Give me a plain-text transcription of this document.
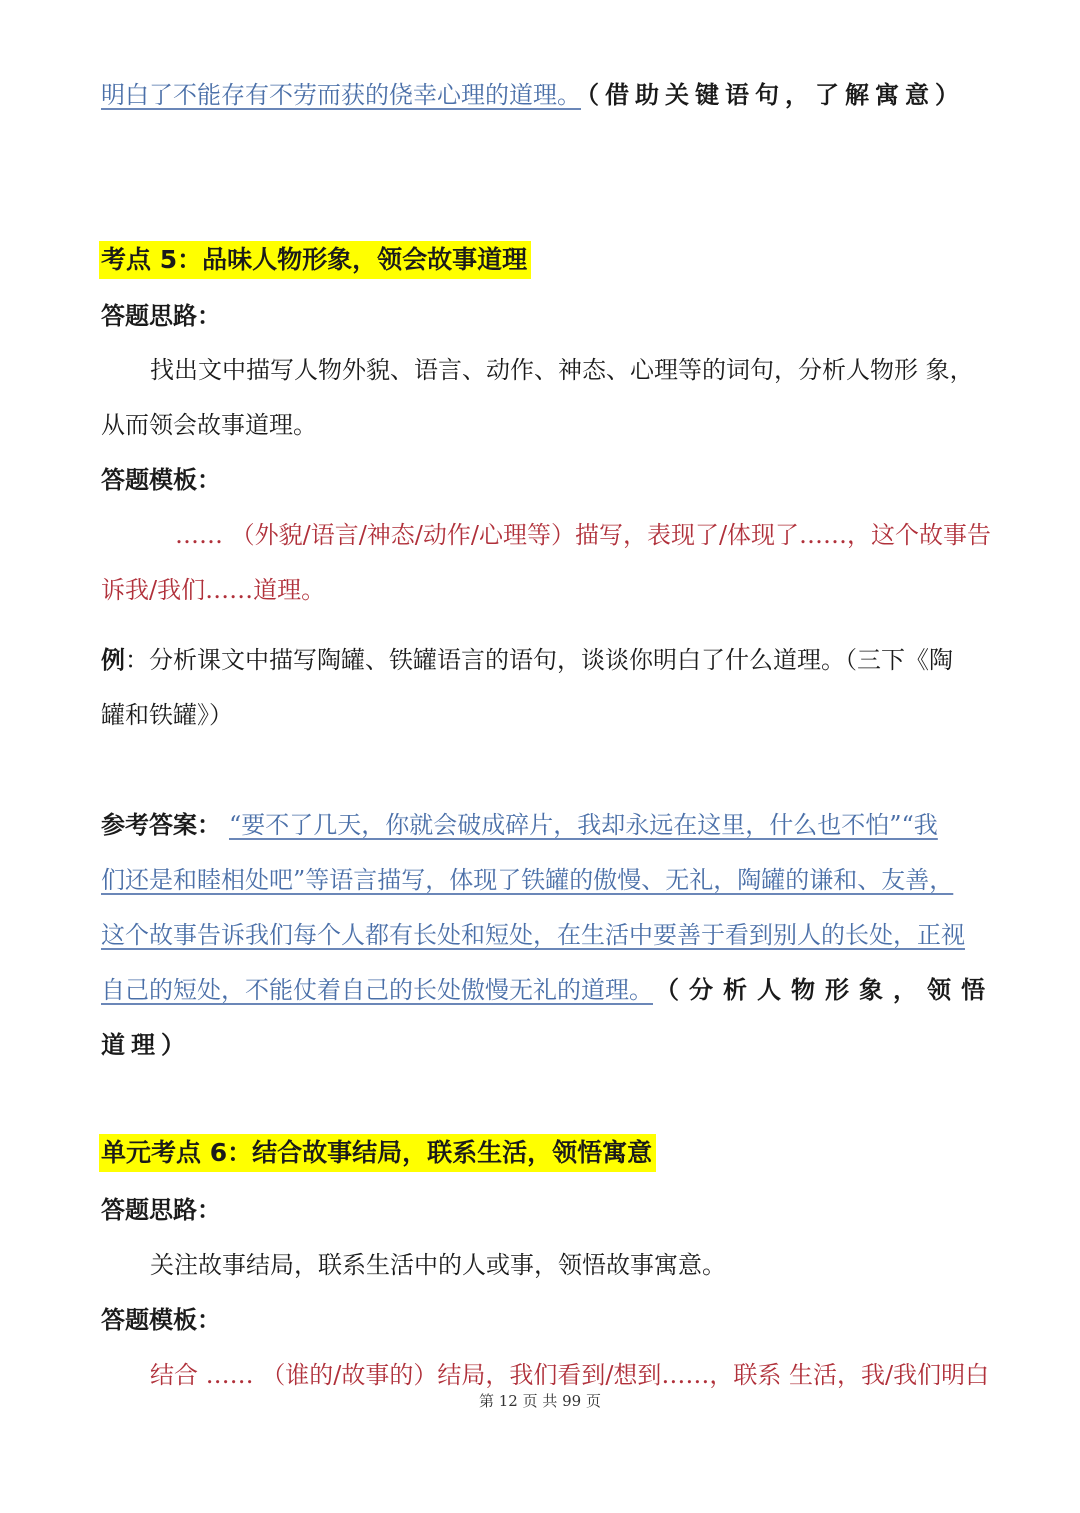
明白了不能存有不劳而获的侥幸心理的道理。 （借助关键语句，了解寓意）
考点 5：品味人物形象，领会故事道理
答题思路：
找出文中描写人物外貌、语言、动作、神态、心理等的词句，分析人物形 象，
从而领会故事道理。
答题模板：
…… （外貌/语言/神态/动作/心理等）描写，表现了/体现了……，这个故事告
诉我/我们……道理。
例：分析课文中描写陶罐、铁罐语言的语句，谈谈你明白了什么道理。（三下《陶
罐和铁罐》）
参考答案： “要不了几天，你就会破成碎片，我却永远在这里，什么也不怕”“我
们还是和睦相处吧”等语言描写，体现了铁罐的傲慢、无礼，陶罐的谦和、友善，
这个故事告诉我们每个人都有长处和短处，在生活中要善于看到别人的长处，正视
自己的短处，不能仗着自己的长处傲慢无礼的道理。 （分析人物形象，领悟
道理）
单元考点 6：结合故事结局，联系生活，领悟寓意
答题思路：
关注故事结局，联系生活中的人或事，领悟故事寓意。
答题模板：
结合 …… （谁的/故事的）结局，我们看到/想到……，联系 生活，我/我们明白
第 12 页 共 99 页
